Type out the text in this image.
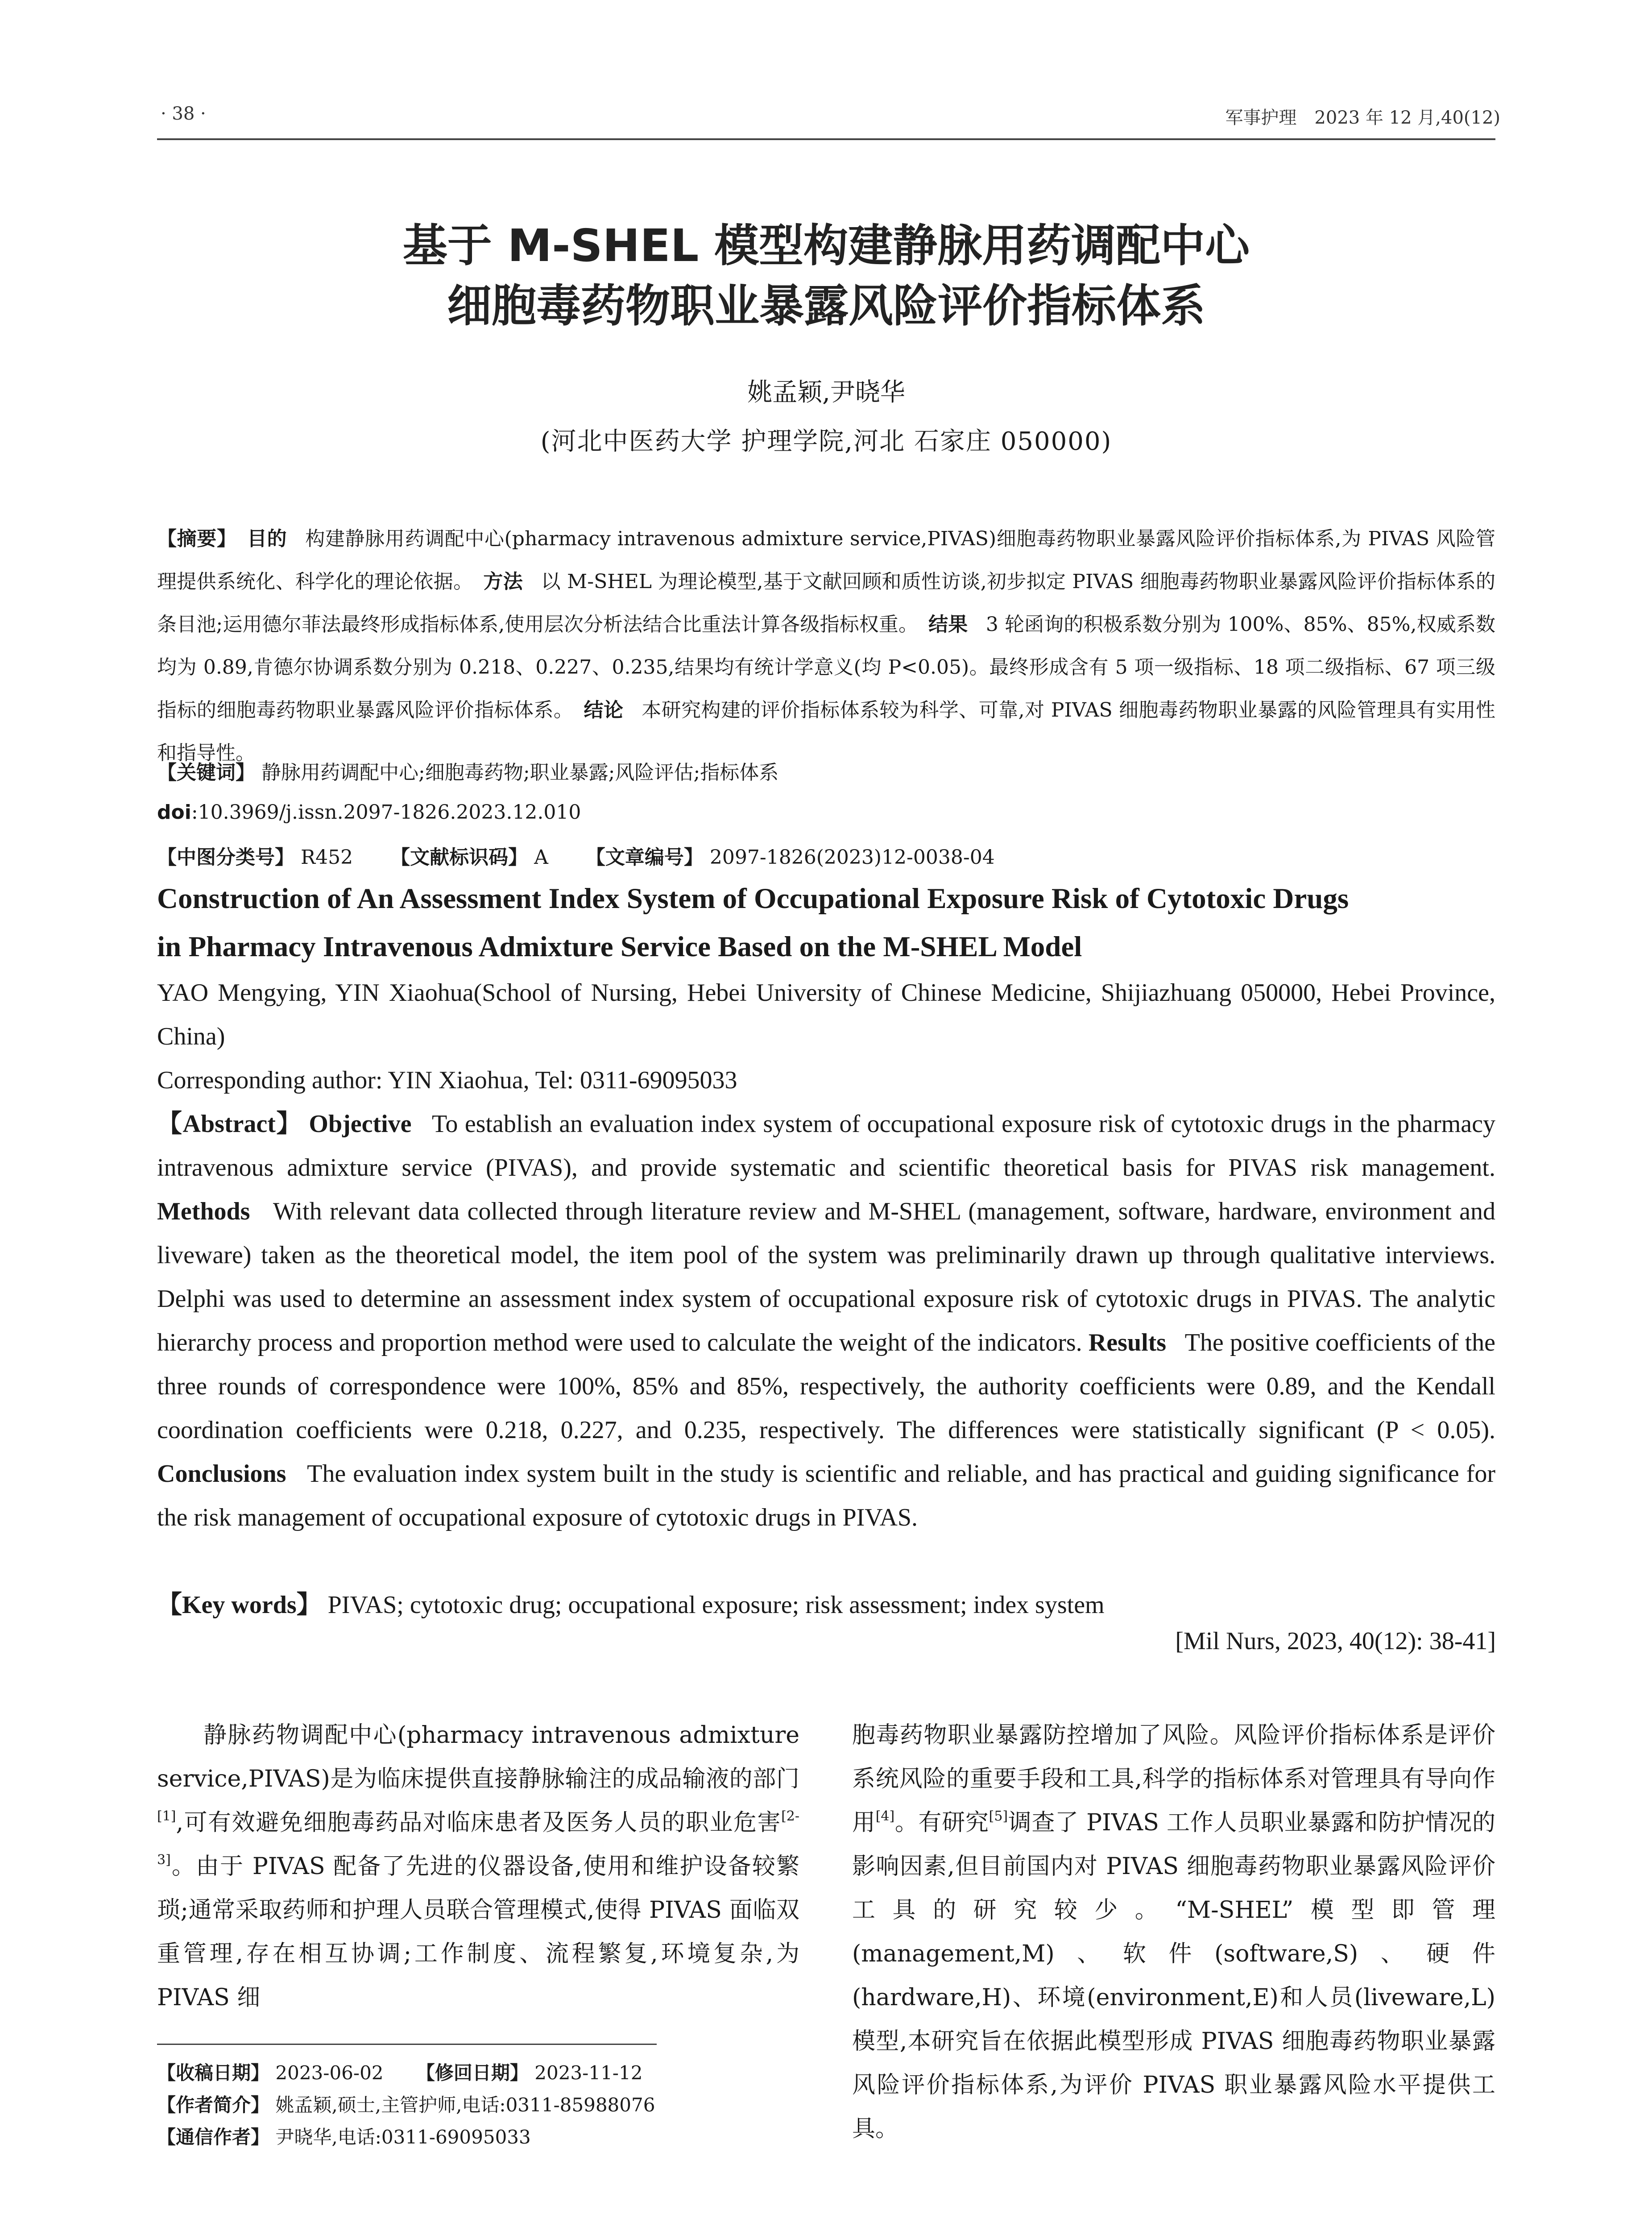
· 38 ·	军事护理　2023 年 12 月,40(12)
基于 M-SHEL 模型构建静脉用药调配中心
细胞毒药物职业暴露风险评价指标体系
姚孟颖,尹晓华
(河北中医药大学 护理学院,河北 石家庄 050000)
【摘要】 目的 构建静脉用药调配中心(pharmacy intravenous admixture service,PIVAS)细胞毒药物职业暴露风险评价指标体系,为 PIVAS 风险管理提供系统化、科学化的理论依据。 方法 以 M-SHEL 为理论模型,基于文献回顾和质性访谈,初步拟定 PIVAS 细胞毒药物职业暴露风险评价指标体系的条目池;运用德尔菲法最终形成指标体系,使用层次分析法结合比重法计算各级指标权重。 结果 3 轮函询的积极系数分别为 100%、85%、85%,权威系数均为 0.89,肯德尔协调系数分别为 0.218、0.227、0.235,结果均有统计学意义(均 P<0.05)。最终形成含有 5 项一级指标、18 项二级指标、67 项三级指标的细胞毒药物职业暴露风险评价指标体系。 结论 本研究构建的评价指标体系较为科学、可靠,对 PIVAS 细胞毒药物职业暴露的风险管理具有实用性和指导性。
【关键词】 静脉用药调配中心;细胞毒药物;职业暴露;风险评估;指标体系
doi:10.3969/j.issn.2097-1826.2023.12.010
【中图分类号】 R452 【文献标识码】 A 【文章编号】 2097-1826(2023)12-0038-04
Construction of An Assessment Index System of Occupational Exposure Risk of Cytotoxic Drugs
in Pharmacy Intravenous Admixture Service Based on the M-SHEL Model
YAO Mengying, YIN Xiaohua(School of Nursing, Hebei University of Chinese Medicine, Shijiazhuang 050000, Hebei Province, China)
Corresponding author: YIN Xiaohua, Tel: 0311-69095033
【Abstract】 Objective To establish an evaluation index system of occupational exposure risk of cytotoxic drugs in the pharmacy intravenous admixture service (PIVAS), and provide systematic and scientific theoretical basis for PIVAS risk management. Methods With relevant data collected through literature review and M-SHEL (management, software, hardware, environment and liveware) taken as the theoretical model, the item pool of the system was preliminarily drawn up through qualitative interviews. Delphi was used to determine an assessment index system of occupational exposure risk of cytotoxic drugs in PIVAS. The analytic hierarchy process and proportion method were used to calculate the weight of the indicators. Results The positive coefficients of the three rounds of correspondence were 100%, 85% and 85%, respectively, the authority coefficients were 0.89, and the Kendall coordination coefficients were 0.218, 0.227, and 0.235, respectively. The differences were statistically significant (P < 0.05). Conclusions The evaluation index system built in the study is scientific and reliable, and has practical and guiding significance for the risk management of occupational exposure of cytotoxic drugs in PIVAS.
【Key words】 PIVAS; cytotoxic drug; occupational exposure; risk assessment; index system
[Mil Nurs, 2023, 40(12): 38-41]
静脉药物调配中心(pharmacy intravenous admixture service,PIVAS)是为临床提供直接静脉输注的成品输液的部门[1],可有效避免细胞毒药品对临床患者及医务人员的职业危害[2-3]。由于 PIVAS 配备了先进的仪器设备,使用和维护设备较繁琐;通常采取药师和护理人员联合管理模式,使得 PIVAS 面临双重管理,存在相互协调;工作制度、流程繁复,环境复杂,为 PIVAS 细
胞毒药物职业暴露防控增加了风险。风险评价指标体系是评价系统风险的重要手段和工具,科学的指标体系对管理具有导向作用[4]。有研究[5]调查了 PIVAS 工作人员职业暴露和防护情况的影响因素,但目前国内对 PIVAS 细胞毒药物职业暴露风险评价工具的研究较少。“M-SHEL”模型即管理(management,M)、软件(software,S)、硬件(hardware,H)、环境(environment,E)和人员(liveware,L)模型,本研究旨在依据此模型形成 PIVAS 细胞毒药物职业暴露风险评价指标体系,为评价 PIVAS 职业暴露风险水平提供工具。
【收稿日期】 2023-06-02 【修回日期】 2023-11-12
【作者简介】 姚孟颖,硕士,主管护师,电话:0311-85988076
【通信作者】 尹晓华,电话:0311-69095033
